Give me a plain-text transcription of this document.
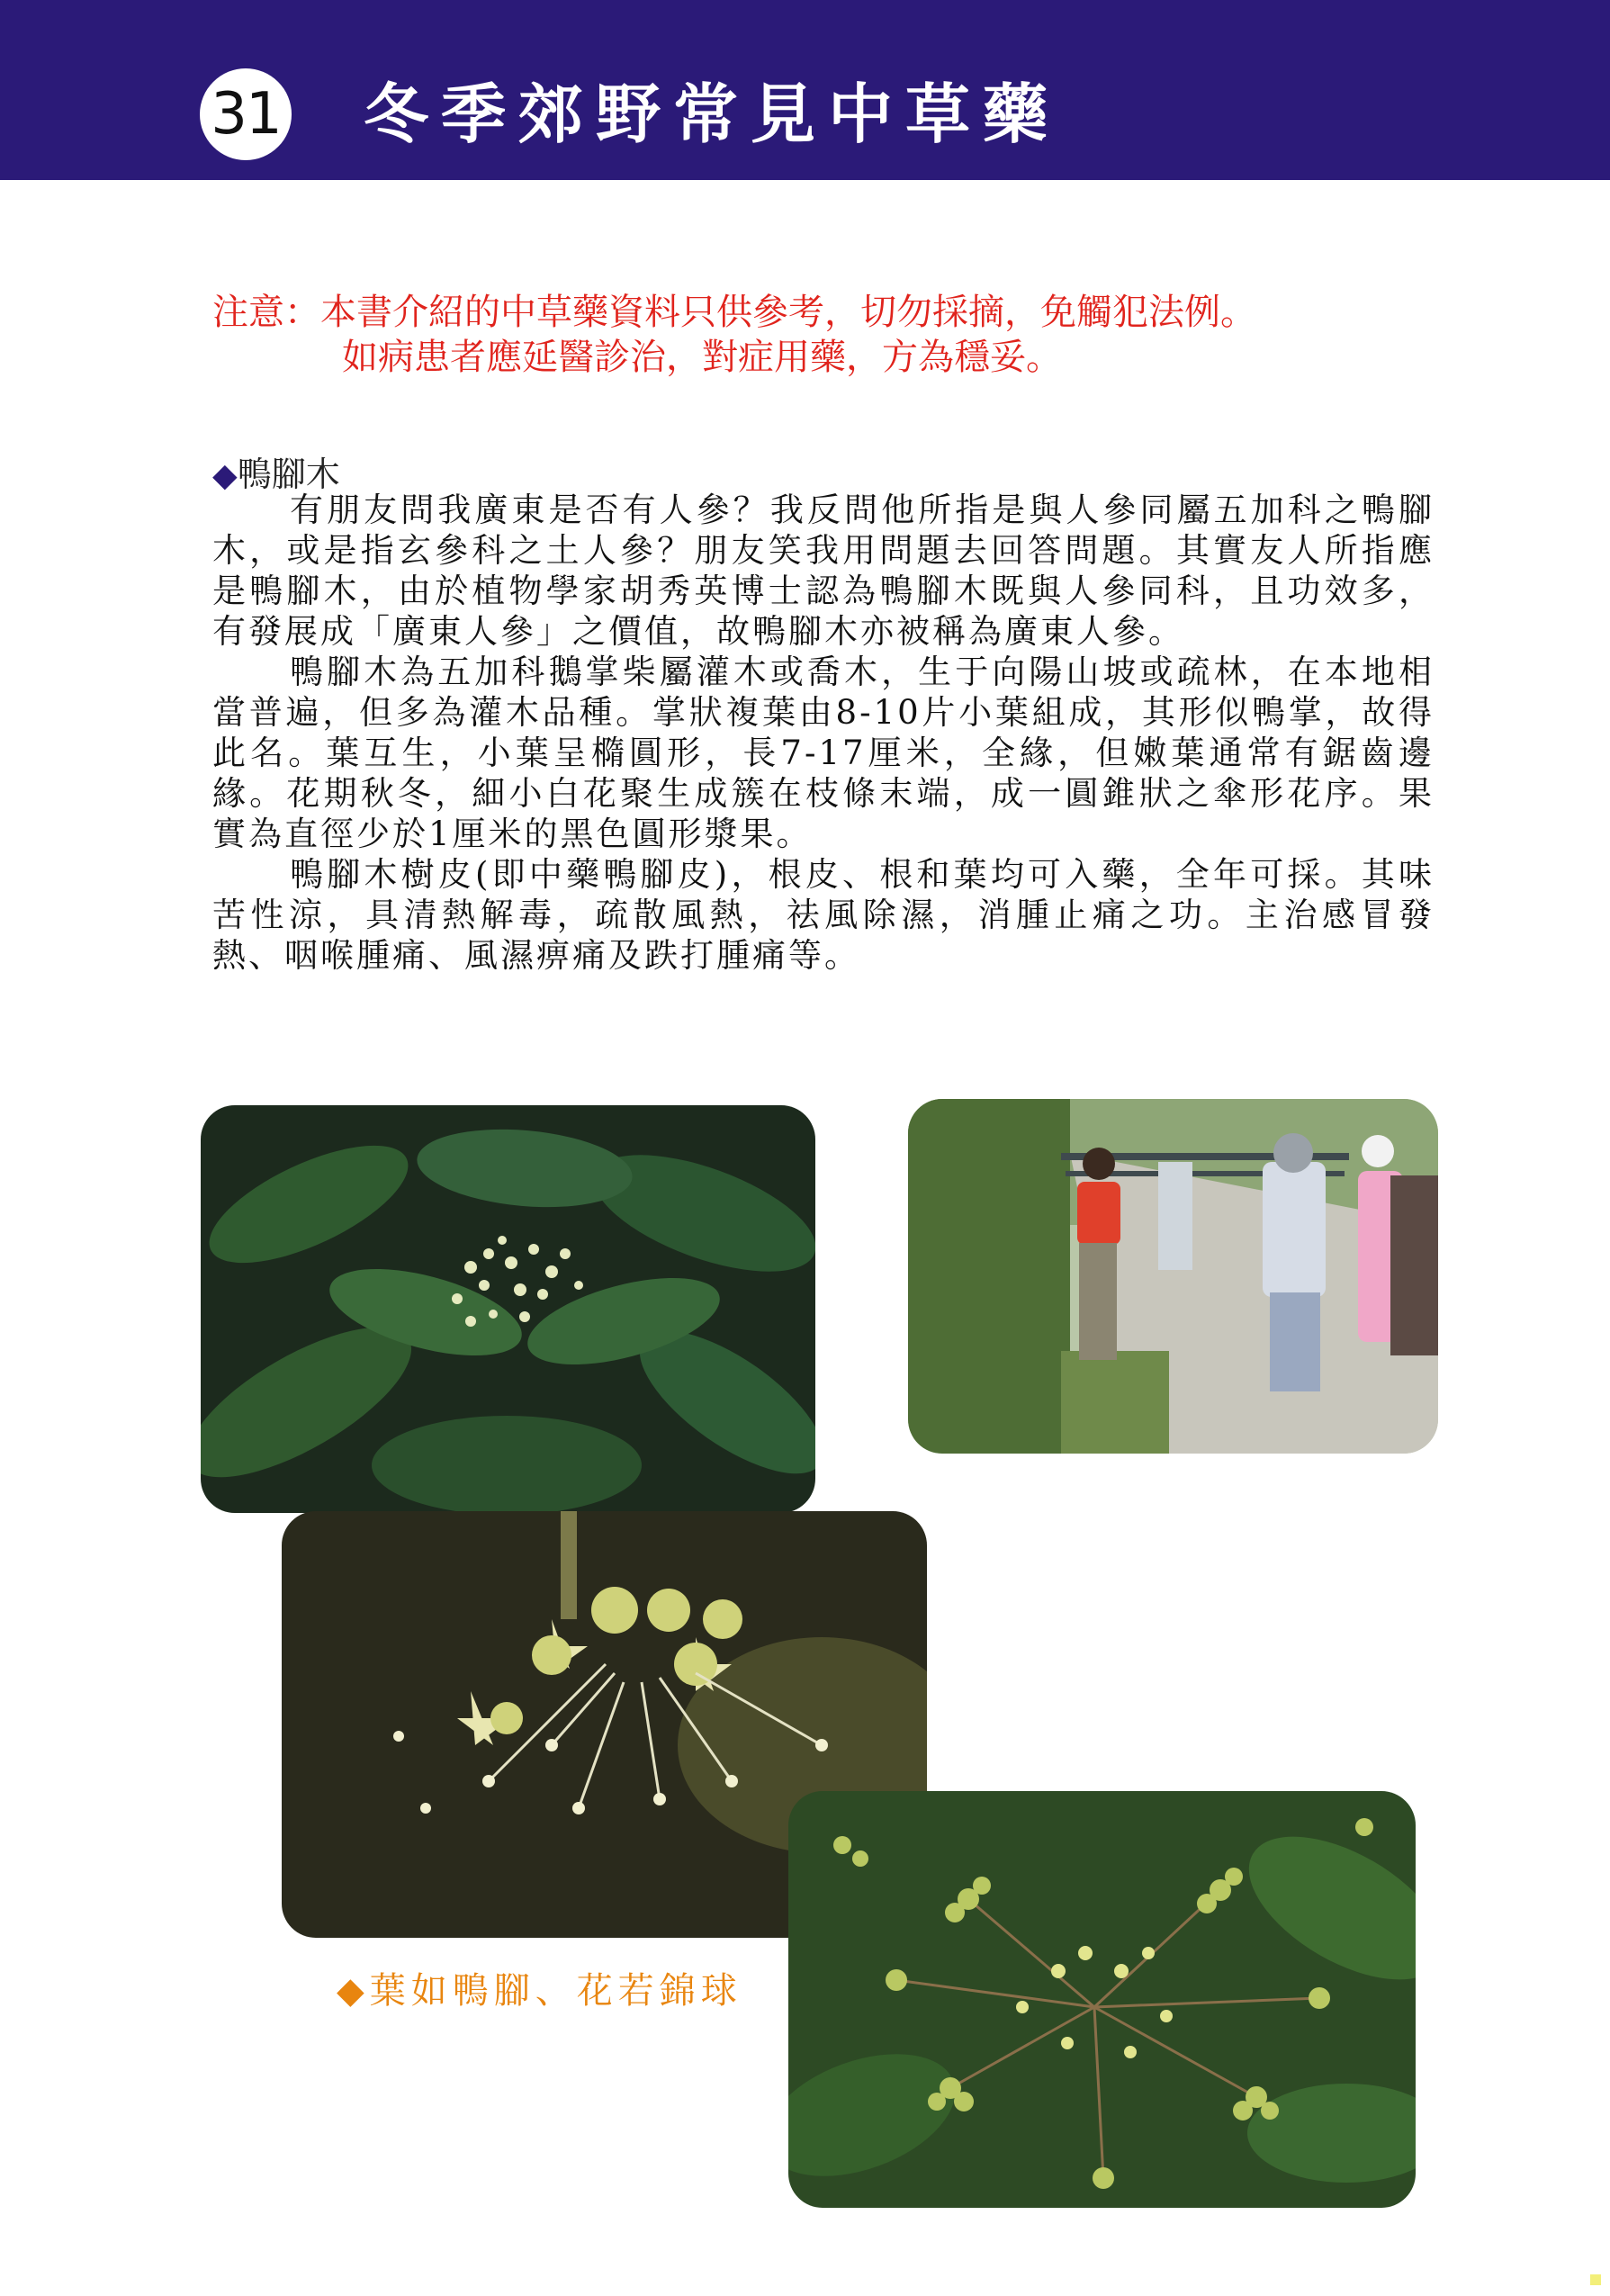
31 冬季郊野常見中草藥
注意：本書介紹的中草藥資料只供參考，切勿採摘，免觸犯法例。
如病患者應延醫診治，對症用藥，方為穩妥。
◆鴨腳木

有朋友問我廣東是否有人參？我反問他所指是與人參同屬五加科之鴨腳木，或是指玄參科之土人參？朋友笑我用問題去回答問題。其實友人所指應是鴨腳木，由於植物學家胡秀英博士認為鴨腳木既與人參同科，且功效多，有發展成「廣東人參」之價值，故鴨腳木亦被稱為廣東人參。

鴨腳木為五加科鵝掌柴屬灌木或喬木，生于向陽山坡或疏林，在本地相當普遍，但多為灌木品種。掌狀複葉由8-10片小葉組成，其形似鴨掌，故得此名。葉互生，小葉呈橢圓形，長7-17厘米，全緣，但嫩葉通常有鋸齒邊緣。花期秋冬，細小白花聚生成簇在枝條末端，成一圓錐狀之傘形花序。果實為直徑少於1厘米的黑色圓形漿果。

鴨腳木樹皮(即中藥鴨腳皮)，根皮、根和葉均可入藥，全年可採。其味苦性涼，具清熱解毒，疏散風熱，祛風除濕，消腫止痛之功。主治感冒發熱、咽喉腫痛、風濕痹痛及跌打腫痛等。

◆葉如鴨腳、花若錦球
